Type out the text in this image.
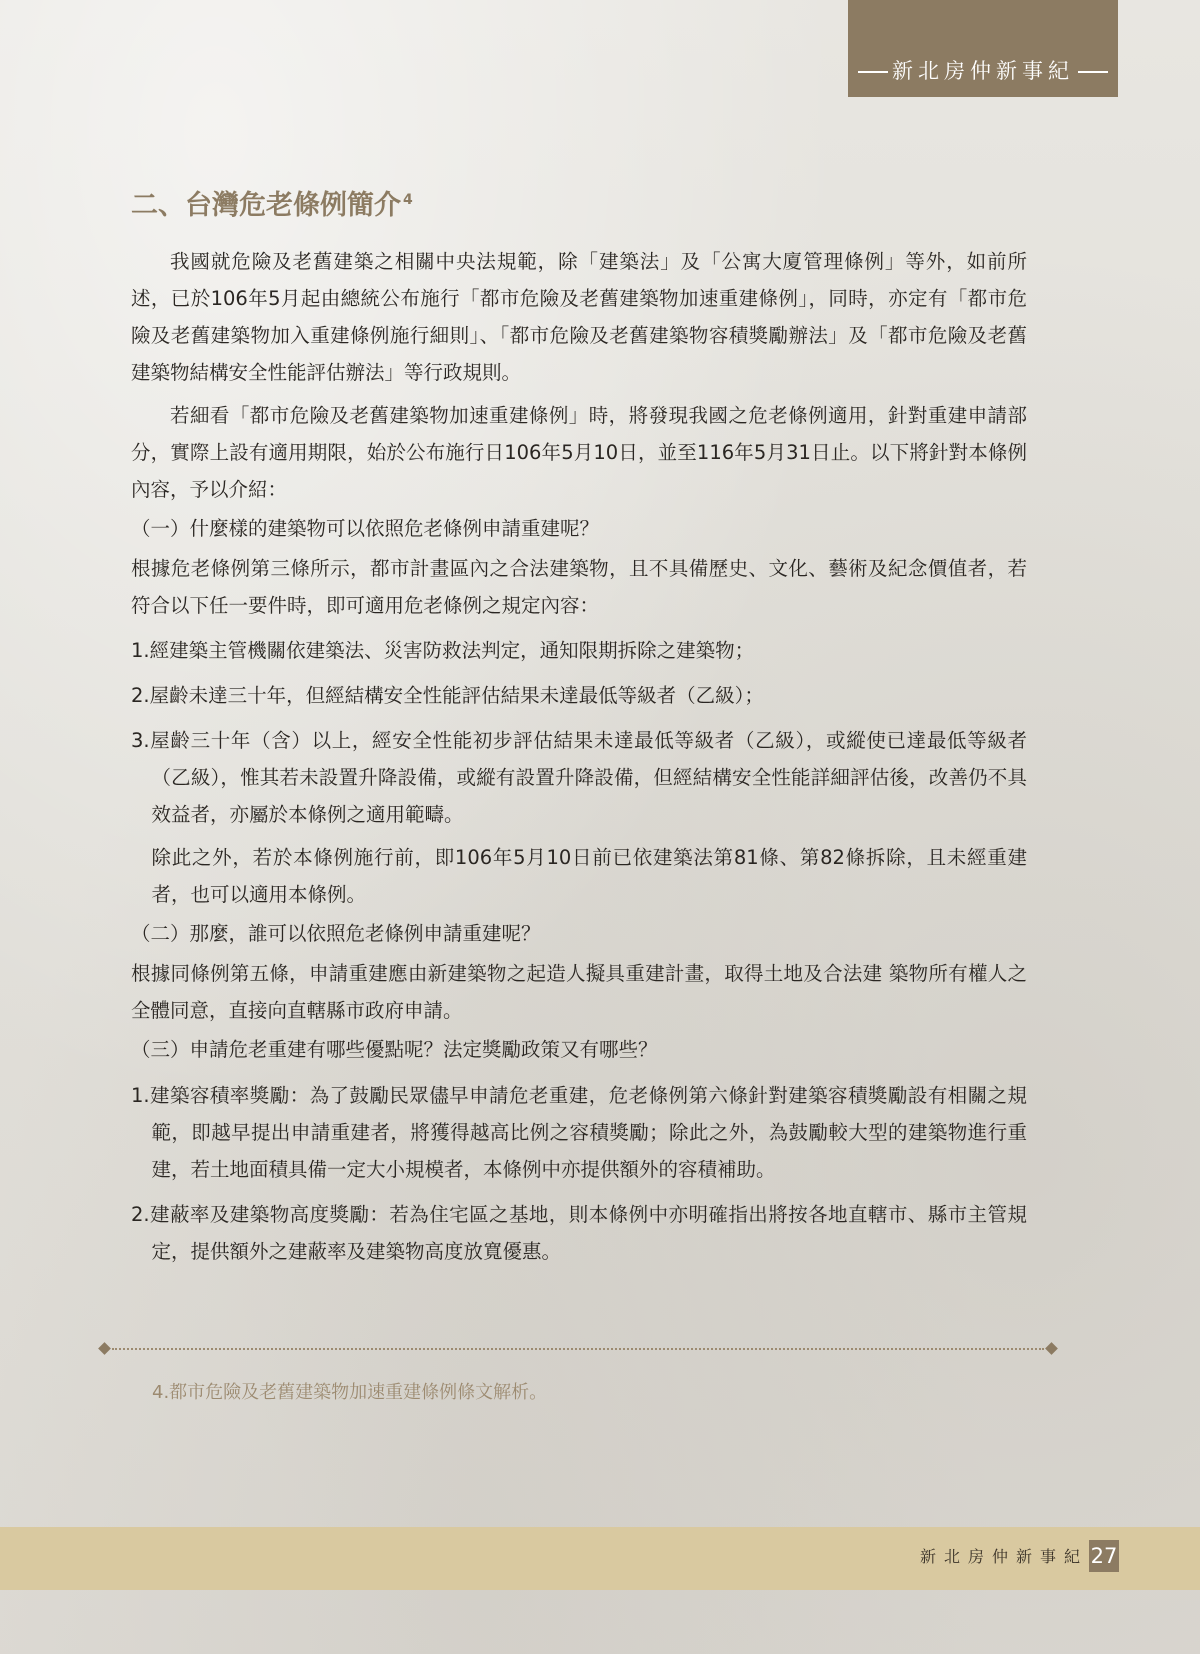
新北房仲新事紀
二、台灣危老條例簡介 $^4$

我國就危險及老舊建築之相關中央法規範，除「建築法」及「公寓大廈管理條例」等外，如前所述，已於106年5月起由總統公布施行「都市危險及老舊建築物加速重建條例」，同時，亦定有「都市危險及老舊建築物加入重建條例施行細則」、「都市危險及老舊建築物容積獎勵辦法」及「都市危險及老舊建築物結構安全性能評估辦法」等行政規則。

若細看「都市危險及老舊建築物加速重建條例」時，將發現我國之危老條例適用，針對重建申請部分，實際上設有適用期限，始於公布施行日106年5月10日，並至116年5月31日止。以下將針對本條例內容，予以介紹：

（一）什麼樣的建築物可以依照危老條例申請重建呢？

根據危老條例第三條所示，都市計畫區內之合法建築物，且不具備歷史、文化、藝術及紀念價值者，若符合以下任一要件時，即可適用危老條例之規定內容：

1.經建築主管機關依建築法、災害防救法判定，通知限期拆除之建築物；

2.屋齡未達三十年，但經結構安全性能評估結果未達最低等級者（乙級）；

3.屋齡三十年（含）以上，經安全性能初步評估結果未達最低等級者（乙級），或縱使已達最低等級者（乙級），惟其若未設置升降設備，或縱有設置升降設備，但經結構安全性能詳細評估後，改善仍不具效益者，亦屬於本條例之適用範疇。

除此之外，若於本條例施行前，即106年5月10日前已依建築法第81條、第82條拆除，且未經重建者，也可以適用本條例。

（二）那麼，誰可以依照危老條例申請重建呢？

根據同條例第五條，申請重建應由新建築物之起造人擬具重建計畫，取得土地及合法建 築物所有權人之全體同意，直接向直轄縣市政府申請。

（三）申請危老重建有哪些優點呢？法定獎勵政策又有哪些？

1.建築容積率獎勵：為了鼓勵民眾儘早申請危老重建，危老條例第六條針對建築容積獎勵設有相關之規範，即越早提出申請重建者，將獲得越高比例之容積獎勵；除此之外，為鼓勵較大型的建築物進行重建，若土地面積具備一定大小規模者，本條例中亦提供額外的容積補助。

2.建蔽率及建築物高度獎勵：若為住宅區之基地，則本條例中亦明確指出將按各地直轄市、縣市主管規定，提供額外之建蔽率及建築物高度放寬優惠。

4.都市危險及老舊建築物加速重建條例條文解析。
新北房仲新事紀 27
